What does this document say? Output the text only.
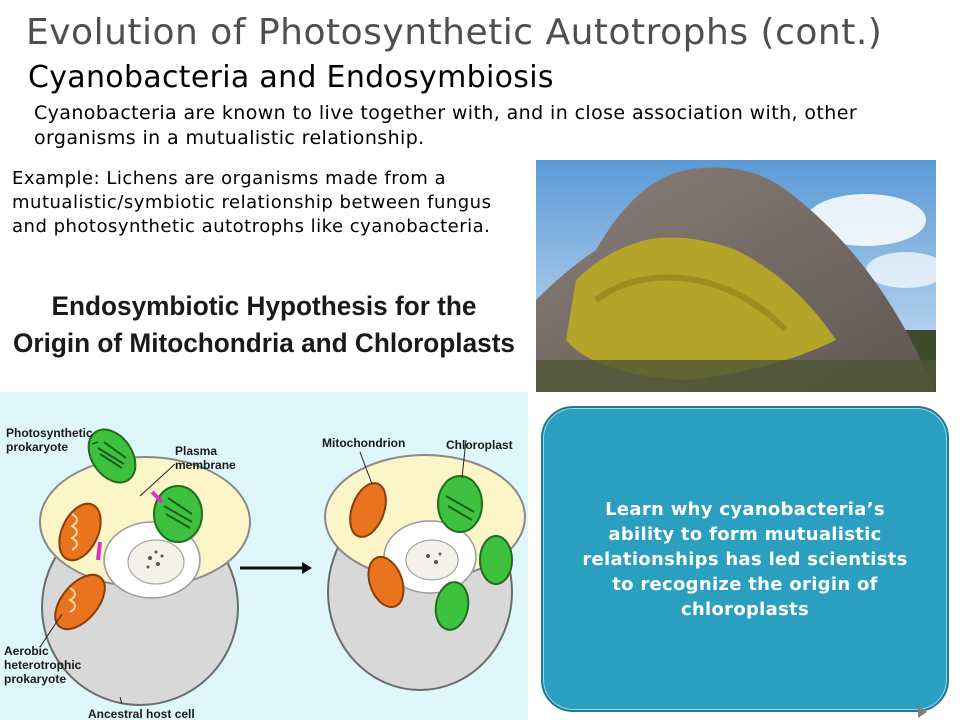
Evolution of Photosynthetic Autotrophs (cont.)
Cyanobacteria and Endosymbiosis
Cyanobacteria are known to live together with, and in close association with, other organisms in a mutualistic relationship.
Example: Lichens are organisms made from a mutualistic/symbiotic relationship between fungus and photosynthetic autotrophs like cyanobacteria.
Endosymbiotic Hypothesis for the
Origin of Mitochondria and Chloroplasts
Photosynthetic
prokaryote	Plasma
membrane
Mitochondrion	Chloroplast
Aerobic
heterotrophic
prokaryote
Ancestral host cell
Learn why cyanobacteria’s ability to form mutualistic relationships has led scientists to recognize the origin of chloroplasts
